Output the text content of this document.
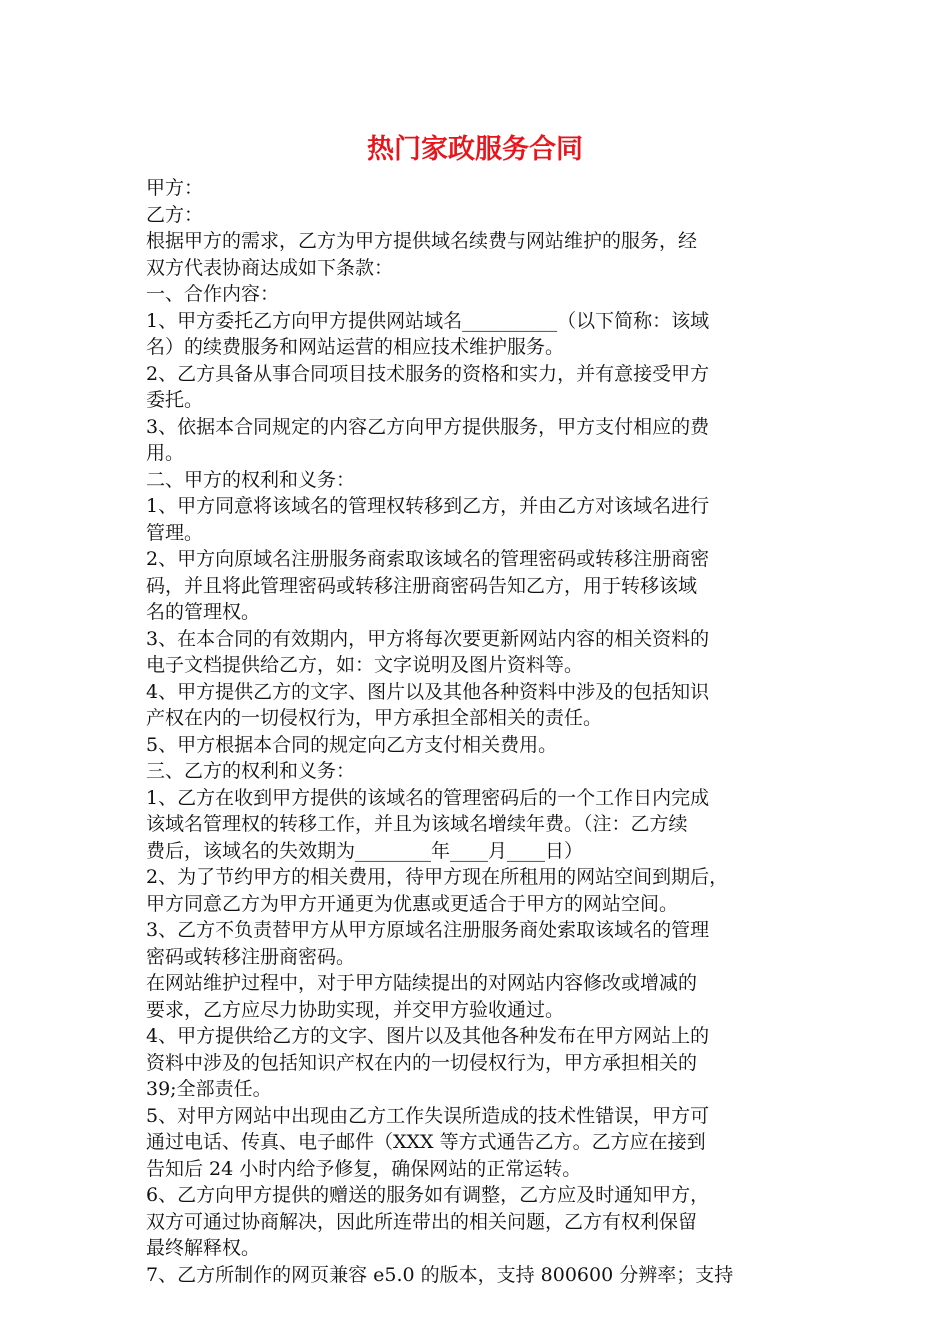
热门家政服务合同

甲方：

乙方：

根据甲方的需求，乙方为甲方提供域名续费与网站维护的服务，经
双方代表协商达成如下条款：

一、合作内容：

1、甲方委托乙方向甲方提供网站域名__________（以下简称：该域
名）的续费服务和网站运营的相应技术维护服务。

2、乙方具备从事合同项目技术服务的资格和实力，并有意接受甲方
委托。

3、依据本合同规定的内容乙方向甲方提供服务，甲方支付相应的费
用。

二、甲方的权利和义务：

1、甲方同意将该域名的管理权转移到乙方，并由乙方对该域名进行
管理。

2、甲方向原域名注册服务商索取该域名的管理密码或转移注册商密
码，并且将此管理密码或转移注册商密码告知乙方，用于转移该域
名的管理权。

3、在本合同的有效期内，甲方将每次要更新网站内容的相关资料的
电子文档提供给乙方，如：文字说明及图片资料等。

4、甲方提供乙方的文字、图片以及其他各种资料中涉及的包括知识
产权在内的一切侵权行为，甲方承担全部相关的责任。

5、甲方根据本合同的规定向乙方支付相关费用。

三、乙方的权利和义务：

1、乙方在收到甲方提供的该域名的管理密码后的一个工作日内完成
该域名管理权的转移工作，并且为该域名增续年费。（注：乙方续
费后，该域名的失效期为________年____月____日）

2、为了节约甲方的相关费用，待甲方现在所租用的网站空间到期后，
甲方同意乙方为甲方开通更为优惠或更适合于甲方的网站空间。

3、乙方不负责替甲方从甲方原域名注册服务商处索取该域名的管理
密码或转移注册商密码。

在网站维护过程中，对于甲方陆续提出的对网站内容修改或增减的
要求，乙方应尽力协助实现，并交甲方验收通过。

4、甲方提供给乙方的文字、图片以及其他各种发布在甲方网站上的
资料中涉及的包括知识产权在内的一切侵权行为，甲方承担相关的
39;全部责任。

5、对甲方网站中出现由乙方工作失误所造成的技术性错误，甲方可
通过电话、传真、电子邮件（XXX 等方式通告乙方。乙方应在接到
告知后 24 小时内给予修复，确保网站的正常运转。

6、乙方向甲方提供的赠送的服务如有调整，乙方应及时通知甲方，
双方可通过协商解决，因此所连带出的相关问题，乙方有权利保留
最终解释权。

7、乙方所制作的网页兼容 e5.0 的版本，支持 800600 分辨率；支持
